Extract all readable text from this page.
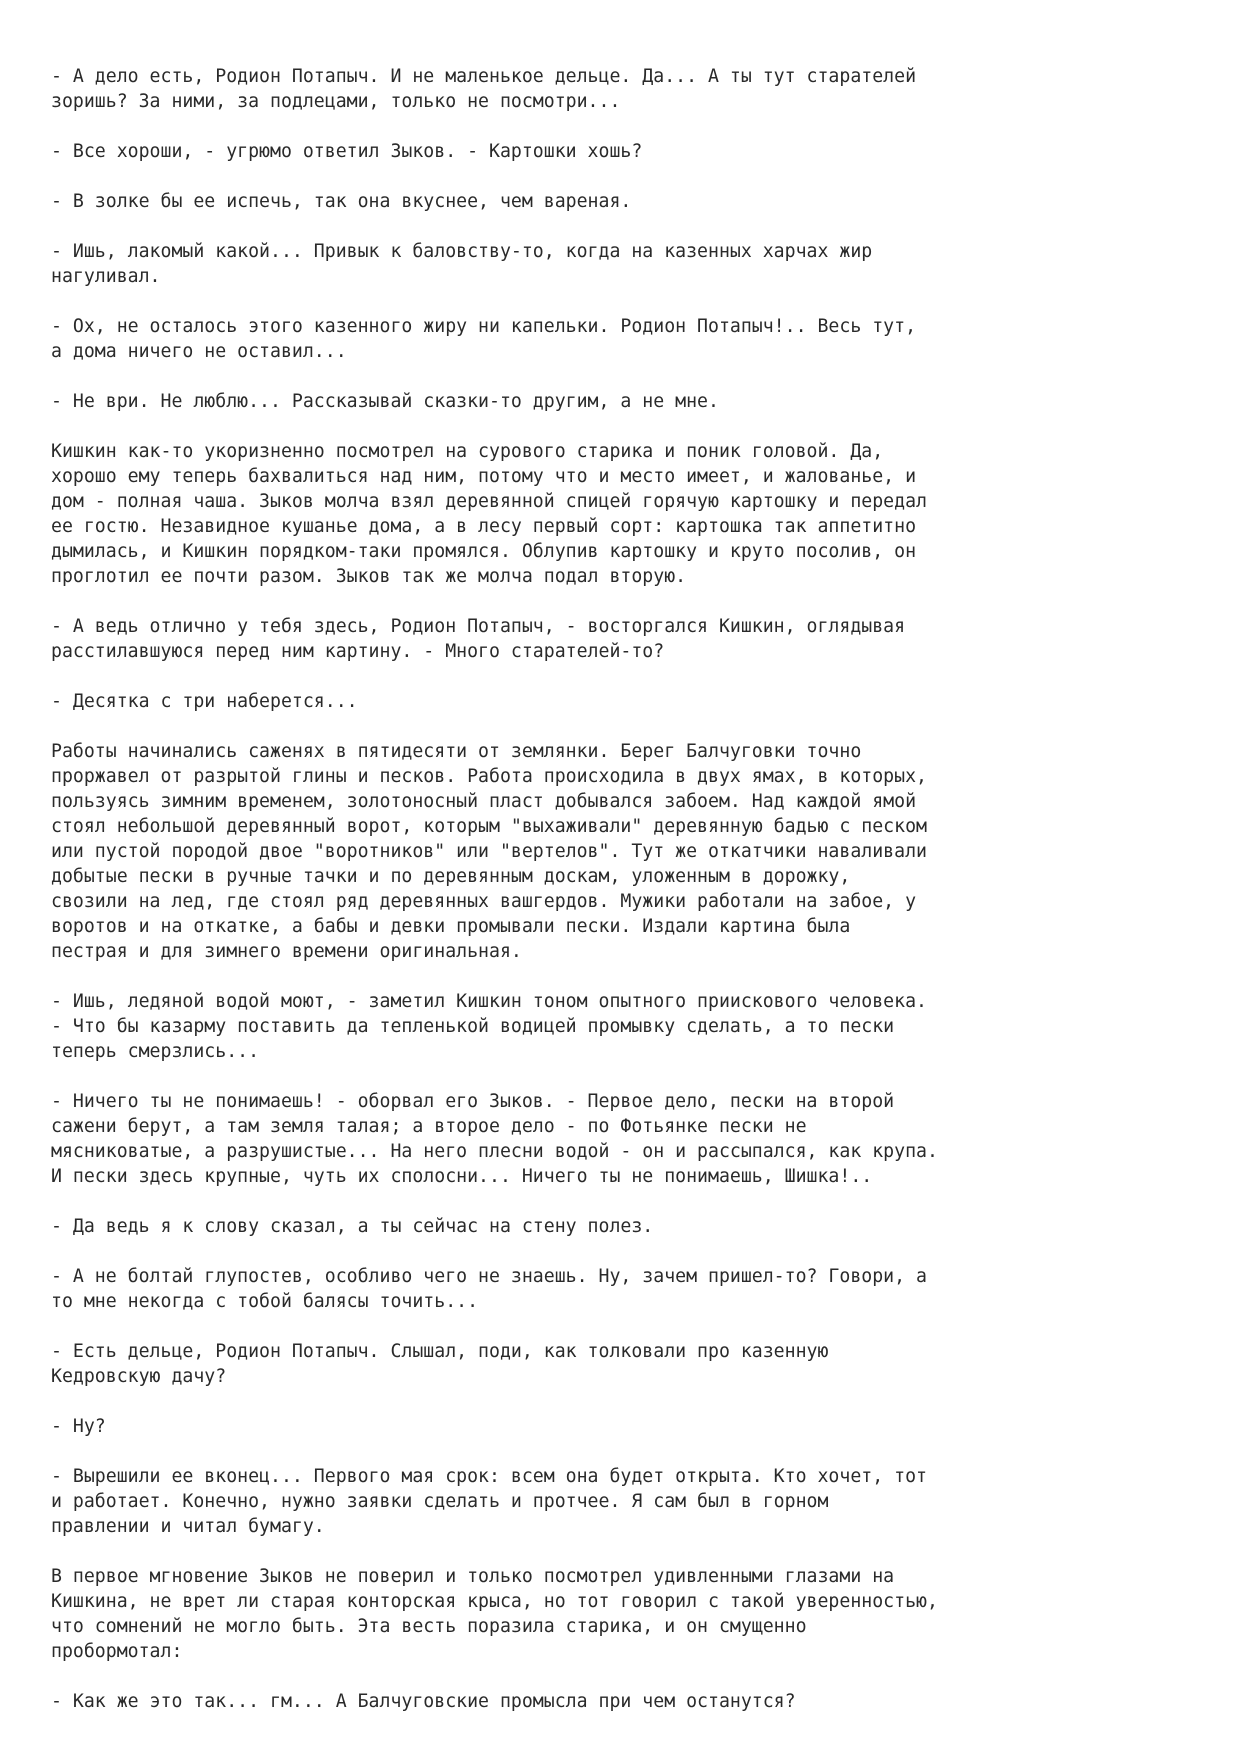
- А дело есть, Родион Потапыч. И не маленькое дельце. Да... А ты тут старателей
зоришь? За ними, за подлецами, только не посмотри...
- Все хороши, - угрюмо ответил Зыков. - Картошки хошь?
- В золке бы ее испечь, так она вкуснее, чем вареная.
- Ишь, лакомый какой... Привык к баловству-то, когда на казенных харчах жир
нагуливал.
- Ох, не осталось этого казенного жиру ни капельки. Родион Потапыч!.. Весь тут,
а дома ничего не оставил...
- Не ври. Не люблю... Рассказывай сказки-то другим, а не мне.
Кишкин как-то укоризненно посмотрел на сурового старика и поник головой. Да,
хорошо ему теперь бахвалиться над ним, потому что и место имеет, и жалованье, и
дом - полная чаша. Зыков молча взял деревянной спицей горячую картошку и передал
ее гостю. Незавидное кушанье дома, а в лесу первый сорт: картошка так аппетитно
дымилась, и Кишкин порядком-таки промялся. Облупив картошку и круто посолив, он
проглотил ее почти разом. Зыков так же молча подал вторую.
- А ведь отлично у тебя здесь, Родион Потапыч, - восторгался Кишкин, оглядывая
расстилавшуюся перед ним картину. - Много старателей-то?
- Десятка с три наберется...
Работы начинались саженях в пятидесяти от землянки. Берег Балчуговки точно
проржавел от разрытой глины и песков. Работа происходила в двух ямах, в которых,
пользуясь зимним временем, золотоносный пласт добывался забоем. Над каждой ямой
стоял небольшой деревянный ворот, которым "выхаживали" деревянную бадью с песком
или пустой породой двое "воротников" или "вертелов". Тут же откатчики наваливали
добытые пески в ручные тачки и по деревянным доскам, уложенным в дорожку,
свозили на лед, где стоял ряд деревянных вашгердов. Мужики работали на забое, у
воротов и на откатке, а бабы и девки промывали пески. Издали картина была
пестрая и для зимнего времени оригинальная.
- Ишь, ледяной водой моют, - заметил Кишкин тоном опытного приискового человека.
- Что бы казарму поставить да тепленькой водицей промывку сделать, а то пески
теперь смерзлись...
- Ничего ты не понимаешь! - оборвал его Зыков. - Первое дело, пески на второй
сажени берут, а там земля талая; а второе дело - по Фотьянке пески не
мясниковатые, а разрушистые... На него плесни водой - он и рассыпался, как крупа.
И пески здесь крупные, чуть их сполосни... Ничего ты не понимаешь, Шишка!..
- Да ведь я к слову сказал, а ты сейчас на стену полез.
- А не болтай глупостев, особливо чего не знаешь. Ну, зачем пришел-то? Говори, а
то мне некогда с тобой балясы точить...
- Есть дельце, Родион Потапыч. Слышал, поди, как толковали про казенную
Кедровскую дачу?
- Ну?
- Вырешили ее вконец... Первого мая срок: всем она будет открыта. Кто хочет, тот
и работает. Конечно, нужно заявки сделать и протчее. Я сам был в горном
правлении и читал бумагу.
В первое мгновение Зыков не поверил и только посмотрел удивленными глазами на
Кишкина, не врет ли старая конторская крыса, но тот говорил с такой уверенностью,
что сомнений не могло быть. Эта весть поразила старика, и он смущенно
пробормотал:
- Как же это так... гм... А Балчуговские промысла при чем останутся?
